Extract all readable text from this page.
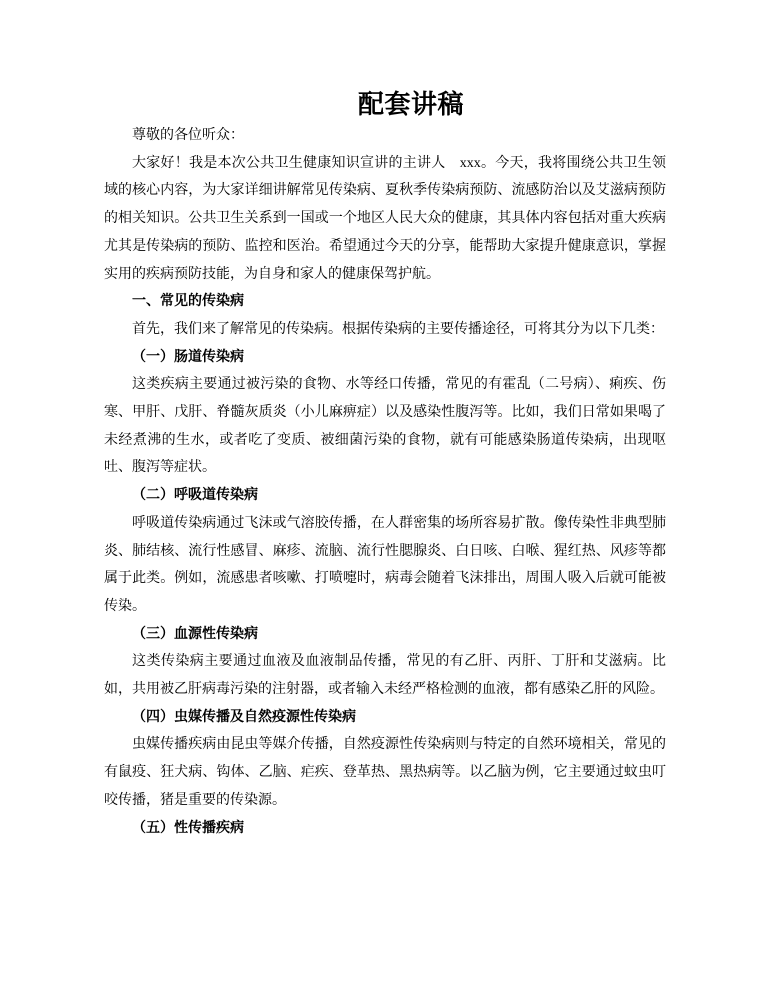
配套讲稿

尊敬的各位听众：

大家好！我是本次公共卫生健康知识宣讲的主讲人　xxx。今天，我将围绕公共卫生领域的核心内容，为大家详细讲解常见传染病、夏秋季传染病预防、流感防治以及艾滋病预防的相关知识。公共卫生关系到一国或一个地区人民大众的健康，其具体内容包括对重大疾病尤其是传染病的预防、监控和医治。希望通过今天的分享，能帮助大家提升健康意识，掌握实用的疾病预防技能，为自身和家人的健康保驾护航。

一、常见的传染病

首先，我们来了解常见的传染病。根据传染病的主要传播途径，可将其分为以下几类：

（一）肠道传染病

这类疾病主要通过被污染的食物、水等经口传播，常见的有霍乱（二号病）、痢疾、伤寒、甲肝、戊肝、脊髓灰质炎（小儿麻痹症）以及感染性腹泻等。比如，我们日常如果喝了未经煮沸的生水，或者吃了变质、被细菌污染的食物，就有可能感染肠道传染病，出现呕吐、腹泻等症状。

（二）呼吸道传染病

呼吸道传染病通过飞沫或气溶胶传播，在人群密集的场所容易扩散。像传染性非典型肺炎、肺结核、流行性感冒、麻疹、流脑、流行性腮腺炎、白日咳、白喉、猩红热、风疹等都属于此类。例如，流感患者咳嗽、打喷嚏时，病毒会随着飞沫排出，周围人吸入后就可能被传染。

（三）血源性传染病

这类传染病主要通过血液及血液制品传播，常见的有乙肝、丙肝、丁肝和艾滋病。比如，共用被乙肝病毒污染的注射器，或者输入未经严格检测的血液，都有感染乙肝的风险。

（四）虫媒传播及自然疫源性传染病

虫媒传播疾病由昆虫等媒介传播，自然疫源性传染病则与特定的自然环境相关，常见的有鼠疫、狂犬病、钩体、乙脑、疟疾、登革热、黑热病等。以乙脑为例，它主要通过蚊虫叮咬传播，猪是重要的传染源。

（五）性传播疾病
